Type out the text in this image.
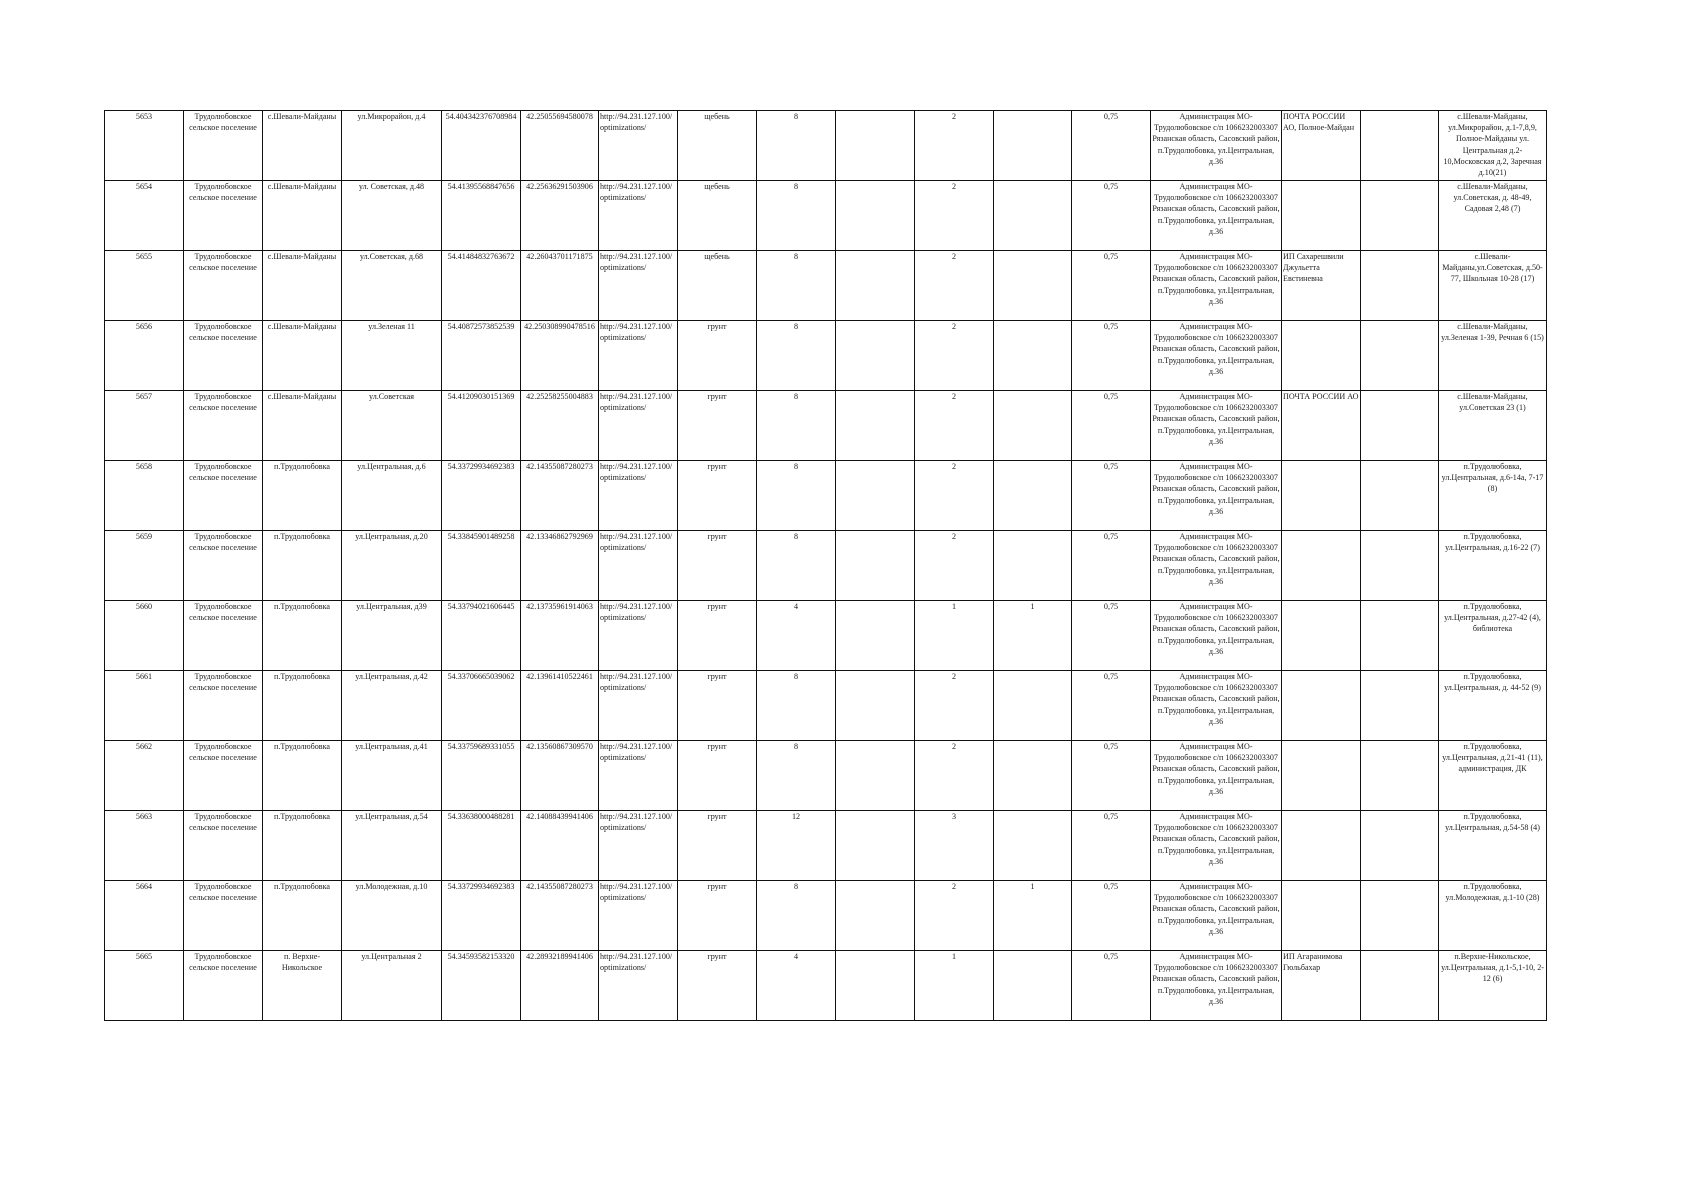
5653	Трудолюбовское сельское поселение	с.Шевали-Майданы	ул.Микрорайон, д.4	54.404342376708984	42.25055694580078	http://94.231.127.100/optimizations/	щебень	8		2		0,75	Администрация МО-Трудолюбовское с/п 1066232003307 Рязанская область, Сасовский район, п.Трудолюбовка, ул.Центральная, д.36	ПОЧТА РОССИИ АО, Полное-Майдан		с.Шевали-Майданы, ул.Микрорайон, д.1-7,8,9, Полное-Майданы ул. Центральная д.2-10,Московская д.2, Заречная д.10(21)
5654	Трудолюбовское сельское поселение	с.Шевали-Майданы	ул. Советская, д.48	54.41395568847656	42.25636291503906	http://94.231.127.100/optimizations/	щебень	8		2		0,75	Администрация МО-Трудолюбовское с/п 1066232003307 Рязанская область, Сасовский район, п.Трудолюбовка, ул.Центральная, д.36			с.Шевали-Майданы, ул.Советская, д. 48-49, Садовая 2,48 (7)
5655	Трудолюбовское сельское поселение	с.Шевали-Майданы	ул.Советская, д.68	54.41484832763672	42.26043701171875	http://94.231.127.100/optimizations/	щебень	8		2		0,75	Администрация МО-Трудолюбовское с/п 1066232003307 Рязанская область, Сасовский район, п.Трудолюбовка, ул.Центральная, д.36	ИП Сахарешвили Джульетта Евстиневна		с.Шевали-Майданы,ул.Советская, д.50-77, Школьная 10-28 (17)
5656	Трудолюбовское сельское поселение	с.Шевали-Майданы	ул.Зеленая 11	54.40872573852539	42.250308990478516	http://94.231.127.100/optimizations/	грунт	8		2		0,75	Администрация МО-Трудолюбовское с/п 1066232003307 Рязанская область, Сасовский район, п.Трудолюбовка, ул.Центральная, д.36			с.Шевали-Майданы, ул.Зеленая 1-39, Речная 6 (15)
5657	Трудолюбовское сельское поселение	с.Шевали-Майданы	ул.Советская	54.41209030151369	42.25258255004883	http://94.231.127.100/optimizations/	грунт	8		2		0,75	Администрация МО-Трудолюбовское с/п 1066232003307 Рязанская область, Сасовский район, п.Трудолюбовка, ул.Центральная, д.36	ПОЧТА РОССИИ АО		с.Шевали-Майданы, ул.Советская 23 (1)
5658	Трудолюбовское сельское поселение	п.Трудолюбовка	ул.Центральная, д.6	54.33729934692383	42.14355087280273	http://94.231.127.100/optimizations/	грунт	8		2		0,75	Администрация МО-Трудолюбовское с/п 1066232003307 Рязанская область, Сасовский район, п.Трудолюбовка, ул.Центральная, д.36			п.Трудолюбовка, ул.Центральная, д.6-14а, 7-17 (8)
5659	Трудолюбовское сельское поселение	п.Трудолюбовка	ул.Центральная, д.20	54.33845901489258	42.13346862792969	http://94.231.127.100/optimizations/	грунт	8		2		0,75	Администрация МО-Трудолюбовское с/п 1066232003307 Рязанская область, Сасовский район, п.Трудолюбовка, ул.Центральная, д.36			п.Трудолюбовка, ул.Центральная, д.16-22 (7)
5660	Трудолюбовское сельское поселение	п.Трудолюбовка	ул.Центральная, д39	54.33794021606445	42.13735961914063	http://94.231.127.100/optimizations/	грунт	4		1	1	0,75	Администрация МО-Трудолюбовское с/п 1066232003307 Рязанская область, Сасовский район, п.Трудолюбовка, ул.Центральная, д.36			п.Трудолюбовка, ул.Центральная, д.27-42 (4), библиотека
5661	Трудолюбовское сельское поселение	п.Трудолюбовка	ул.Центральная, д.42	54.33706665039062	42.13961410522461	http://94.231.127.100/optimizations/	грунт	8		2		0,75	Администрация МО-Трудолюбовское с/п 1066232003307 Рязанская область, Сасовский район, п.Трудолюбовка, ул.Центральная, д.36			п.Трудолюбовка, ул.Центральная, д. 44-52 (9)
5662	Трудолюбовское сельское поселение	п.Трудолюбовка	ул.Центральная, д.41	54.33759689331055	42.13560867309570	http://94.231.127.100/optimizations/	грунт	8		2		0,75	Администрация МО-Трудолюбовское с/п 1066232003307 Рязанская область, Сасовский район, п.Трудолюбовка, ул.Центральная, д.36			п.Трудолюбовка, ул.Центральная, д.21-41 (11), администрация, ДК
5663	Трудолюбовское сельское поселение	п.Трудолюбовка	ул.Центральная, д.54	54.33638000488281	42.14088439941406	http://94.231.127.100/optimizations/	грунт	12		3		0,75	Администрация МО-Трудолюбовское с/п 1066232003307 Рязанская область, Сасовский район, п.Трудолюбовка, ул.Центральная, д.36			п.Трудолюбовка, ул.Центральная, д.54-58 (4)
5664	Трудолюбовское сельское поселение	п.Трудолюбовка	ул.Молодежная, д.10	54.33729934692383	42.14355087280273	http://94.231.127.100/optimizations/	грунт	8		2	1	0,75	Администрация МО-Трудолюбовское с/п 1066232003307 Рязанская область, Сасовский район, п.Трудолюбовка, ул.Центральная, д.36			п.Трудолюбовка, ул.Молодежная, д.1-10 (28)
5665	Трудолюбовское сельское поселение	п. Верхне-Никольское	ул.Центральная 2	54.34593582153320	42.28932189941406	http://94.231.127.100/optimizations/	грунт	4		1		0,75	Администрация МО-Трудолюбовское с/п 1066232003307 Рязанская область, Сасовский район, п.Трудолюбовка, ул.Центральная, д.36	ИП Агаранимова Гюльбахар		п.Верхне-Никольское, ул.Центральная, д.1-5,1-10, 2-12 (6)
